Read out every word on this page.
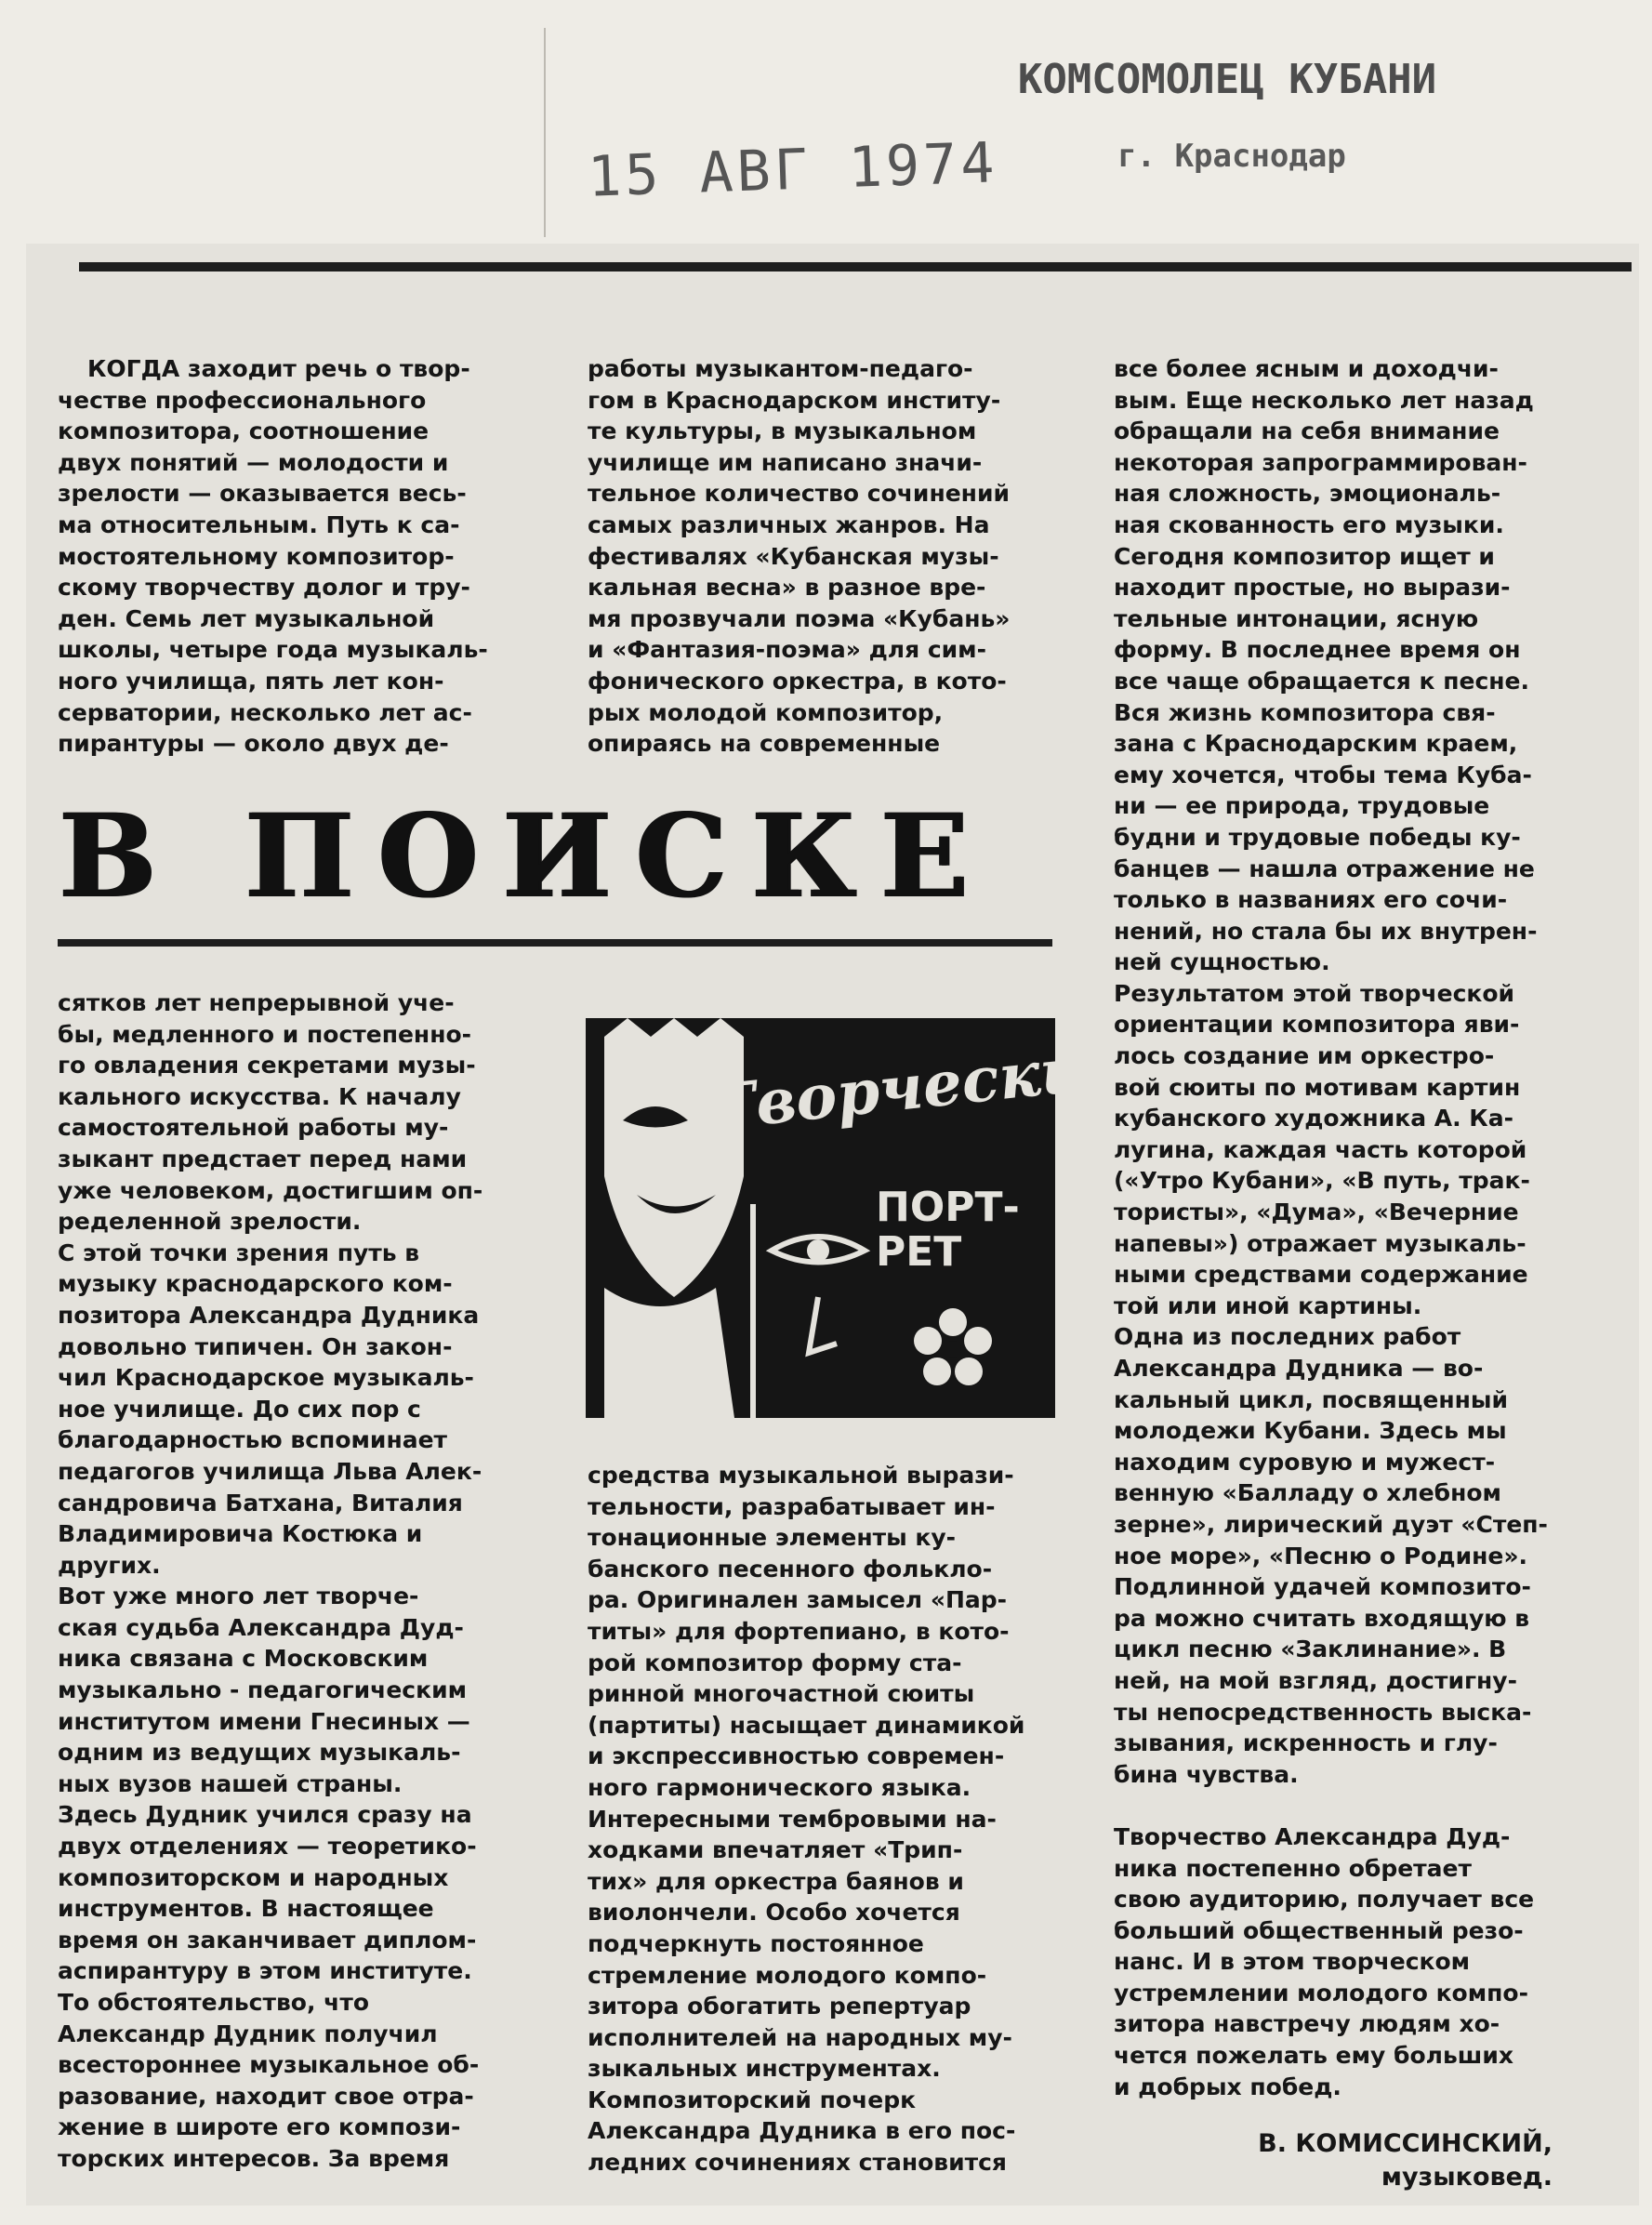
15 АВГ 1974
КОМСОМОЛЕЦ КУБАНИ
г. Краснодар

КОГДА заходит речь о твор-
честве профессионального
композитора, соотношение
двух понятий — молодости и
зрелости — оказывается весь-
ма относительным. Путь к са-
мостоятельному композитор-
скому творчеству долог и тру-
ден. Семь лет музыкальной
школы, четыре года музыкаль-
ного училища, пять лет кон-
серватории, несколько лет ас-
пирантуры — около двух де-

работы музыкантом-педаго-
гом в Краснодарском институ-
те культуры, в музыкальном
училище им написано значи-
тельное количество сочинений
самых различных жанров. На
фестивалях «Кубанская музы-
кальная весна» в разное вре-
мя прозвучали поэма «Кубань»
и «Фантазия-поэма» для сим-
фонического оркестра, в кото-
рых молодой композитор,
опираясь на современные

В ПОИСКЕ

сятков лет непрерывной уче-
бы, медленного и постепенно-
го овладения секретами музы-
кального искусства. К началу
самостоятельной работы му-
зыкант предстает перед нами
уже человеком, достигшим оп-
ределенной зрелости.
С этой точки зрения путь в
музыку краснодарского ком-
позитора Александра Дудника
довольно типичен. Он закон-
чил Краснодарское музыкаль-
ное училище. До сих пор с
благодарностью вспоминает
педагогов училища Льва Алек-
сандровича Батхана, Виталия
Владимировича Костюка и
других.
Вот уже много лет творче-
ская судьба Александра Дуд-
ника связана с Московским
музыкально - педагогическим
институтом имени Гнесиных —
одним из ведущих музыкаль-
ных вузов нашей страны.
Здесь Дудник учился сразу на
двух отделениях — теоретико-
композиторском и народных
инструментов. В настоящее
время он заканчивает диплом-
аспирантуру в этом институте.
То обстоятельство, что
Александр Дудник получил
всестороннее музыкальное об-
разование, находит свое отра-
жение в широте его компози-
торских интересов. За время

Творческий
ПОРТ-
РЕТ

средства музыкальной вырази-
тельности, разрабатывает ин-
тонационные элементы ку-
банского песенного фольклo-
ра. Оригинален замысел «Пар-
титы» для фортепиано, в кото-
рой композитор форму ста-
ринной многочастной сюиты
(партиты) насыщает динамикой
и экспрессивностью современ-
ного гармонического языка.
Интересными тембровыми на-
ходками впечатляет «Трип-
тих» для оркестра баянов и
виолончели. Особо хочется
подчеркнуть постоянное
стремление молодого компо-
зитора обогатить репертуар
исполнителей на народных му-
зыкальных инструментах.
Композиторский почерк
Александра Дудника в его пос-
ледних сочинениях становится

все более ясным и доходчи-
вым. Еще несколько лет назад
обращали на себя внимание
некоторая запрограммирован-
ная сложность, эмоциональ-
ная скованность его музыки.
Сегодня композитор ищет и
находит простые, но вырази-
тельные интонации, ясную
форму. В последнее время он
все чаще обращается к песне.
Вся жизнь композитора свя-
зана с Краснодарским краем,
ему хочется, чтобы тема Куба-
ни — ее природа, трудовые
будни и трудовые победы ку-
банцев — нашла отражение не
только в названиях его сочи-
нений, но стала бы их внутрен-
ней сущностью.
Результатом этой творческой
ориентации композитора яви-
лось создание им оркестро-
вой сюиты по мотивам картин
кубанского художника А. Ка-
лугина, каждая часть которой
(«Утро Кубани», «В путь, трак-
тористы», «Дума», «Вечерние
напевы») отражает музыкаль-
ными средствами содержание
той или иной картины.
Одна из последних работ
Александра Дудника — во-
кальный цикл, посвященный
молодежи Кубани. Здесь мы
находим суровую и мужест-
венную «Балладу о хлебном
зерне», лирический дуэт «Степ-
ное море», «Песню о Родине».
Подлинной удачей композито-
ра можно считать входящую в
цикл песню «Заклинание». В
ней, на мой взгляд, достигну-
ты непосредственность выска-
зывания, искренность и глу-
бина чувства.

Творчество Александра Дуд-
ника постепенно обретает
свою аудиторию, получает все
больший общественный резо-
нанс. И в этом творческом
устремлении молодого компо-
зитора навстречу людям хо-
чется пожелать ему больших
и добрых побед.

В. КОМИССИНСКИЙ,
музыковед.
